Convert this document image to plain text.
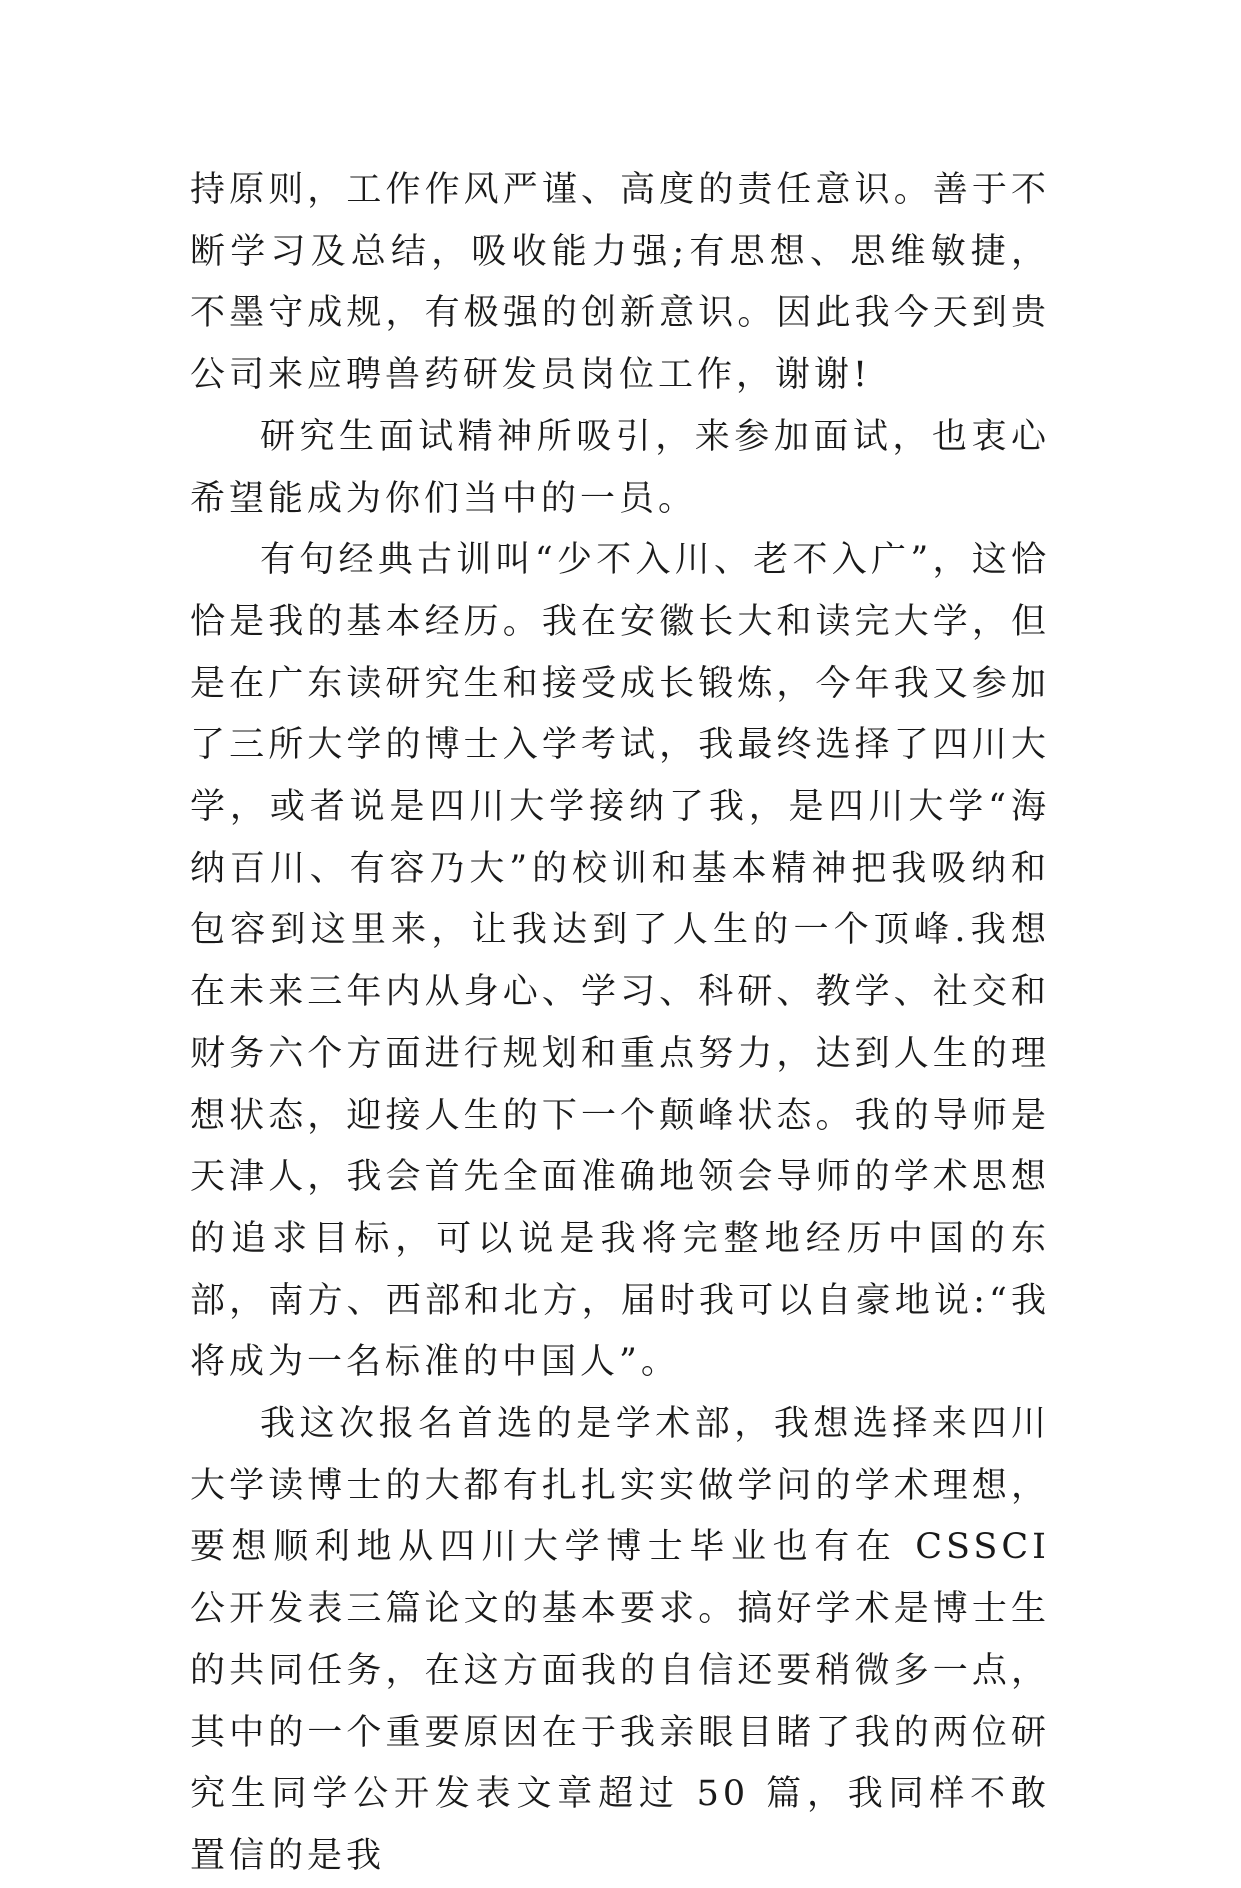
持原则，工作作风严谨、高度的责任意识。善于不断学习及总结，吸收能力强;有思想、思维敏捷，不墨守成规，有极强的创新意识。因此我今天到贵公司来应聘兽药研发员岗位工作，谢谢!

研究生面试精神所吸引，来参加面试，也衷心希望能成为你们当中的一员。

有句经典古训叫“少不入川、老不入广”，这恰恰是我的基本经历。我在安徽长大和读完大学，但是在广东读研究生和接受成长锻炼，今年我又参加了三所大学的博士入学考试，我最终选择了四川大学，或者说是四川大学接纳了我，是四川大学“海纳百川、有容乃大”的校训和基本精神把我吸纳和包容到这里来，让我达到了人生的一个顶峰.我想在未来三年内从身心、学习、科研、教学、社交和财务六个方面进行规划和重点努力，达到人生的理想状态，迎接人生的下一个颠峰状态。我的导师是天津人，我会首先全面准确地领会导师的学术思想的追求目标，可以说是我将完整地经历中国的东部，南方、西部和北方，届时我可以自豪地说:“我将成为一名标准的中国人”。

我这次报名首选的是学术部，我想选择来四川大学读博士的大都有扎扎实实做学问的学术理想，要想顺利地从四川大学博士毕业也有在 CSSCI 公开发表三篇论文的基本要求。搞好学术是博士生的共同任务，在这方面我的自信还要稍微多一点，其中的一个重要原因在于我亲眼目睹了我的两位研究生同学公开发表文章超过 50 篇，我同样不敢置信的是我
